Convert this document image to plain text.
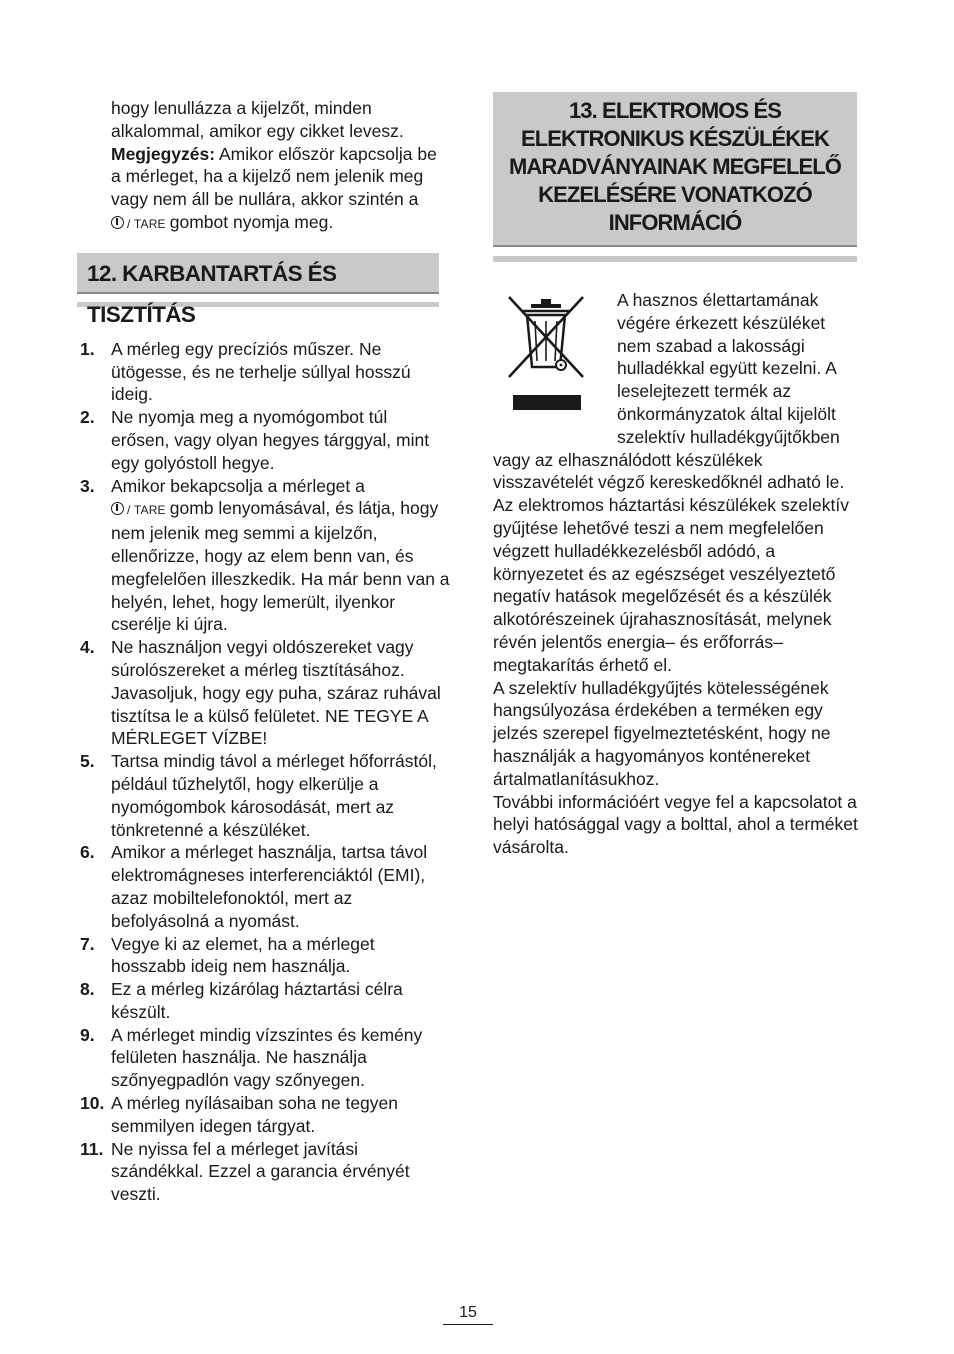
hogy lenullázza a kijelzőt, minden alkalommal, amikor egy cikket levesz.
Megjegyzés: Amikor először kapcsolja be a mérleget, ha a kijelző nem jelenik meg vagy nem áll be nullára, akkor szintén a
/ TARE gombot nyomja meg.
12. KARBANTARTÁS ÉS TISZTÍTÁS
1. A mérleg egy precíziós műszer. Ne ütögesse, és ne terhelje súllyal hosszú ideig.
2. Ne nyomja meg a nyomógombot túl erősen, vagy olyan hegyes tárggyal, mint egy golyóstoll hegye.
3. Amikor bekapcsolja a mérleget a
/ TARE gomb lenyomásával, és látja, hogy nem jelenik meg semmi a kijelzőn, ellenőrizze, hogy az elem benn van, és megfelelően illeszkedik. Ha már benn van a helyén, lehet, hogy lemerült, ilyenkor cserélje ki újra.
4. Ne használjon vegyi oldószereket vagy súrolószereket a mérleg tisztításához. Javasoljuk, hogy egy puha, száraz ruhával tisztítsa le a külső felületet. NE TEGYE A MÉRLEGET VÍZBE!
5. Tartsa mindig távol a mérleget hőforrástól, például tűzhelytől, hogy elkerülje a nyomógombok károsodását, mert az tönkretenné a készüléket.
6. Amikor a mérleget használja, tartsa távol elektromágneses interferenciáktól (EMI), azaz mobiltelefonoktól, mert az befolyásolná a nyomást.
7. Vegye ki az elemet, ha a mérleget hosszabb ideig nem használja.
8. Ez a mérleg kizárólag háztartási célra készült.
9. A mérleget mindig vízszintes és kemény felületen használja. Ne használja szőnyegpadlón vagy szőnyegen.
10. A mérleg nyílásaiban soha ne tegyen semmilyen idegen tárgyat.
11. Ne nyissa fel a mérleget javítási szándékkal. Ezzel a garancia érvényét veszti.
13. ELEKTROMOS ÉS ELEKTRONIKUS KÉSZÜLÉKEK MARADVÁNYAINAK MEGFELELŐ KEZELÉSÉRE VONATKOZÓ INFORMÁCIÓ
A hasznos élettartamának végére érkezett készüléket nem szabad a lakossági hulladékkal együtt kezelni. A leselejtezett termék az önkormányzatok által kijelölt szelektív hulladékgyűjtőkben
vagy az elhasználódott készülékek visszavételét végző kereskedőknél adható le. Az elektromos háztartási készülékek szelektív gyűjtése lehetővé teszi a nem megfelelően végzett hulladékkezelésből adódó, a környezetet és az egészséget veszélyeztető negatív hatások megelőzését és a készülék alkotórészeinek újrahasznosítását, melynek révén jelentős energia– és erőforrás– megtakarítás érhető el.
A szelektív hulladékgyűjtés kötelességének hangsúlyozása érdekében a terméken egy jelzés szerepel figyelmeztetésként, hogy ne használják a hagyományos konténereket ártalmatlanításukhoz.
További információért vegye fel a kapcsolatot a helyi hatósággal vagy a bolttal, ahol a terméket vásárolta.
15
